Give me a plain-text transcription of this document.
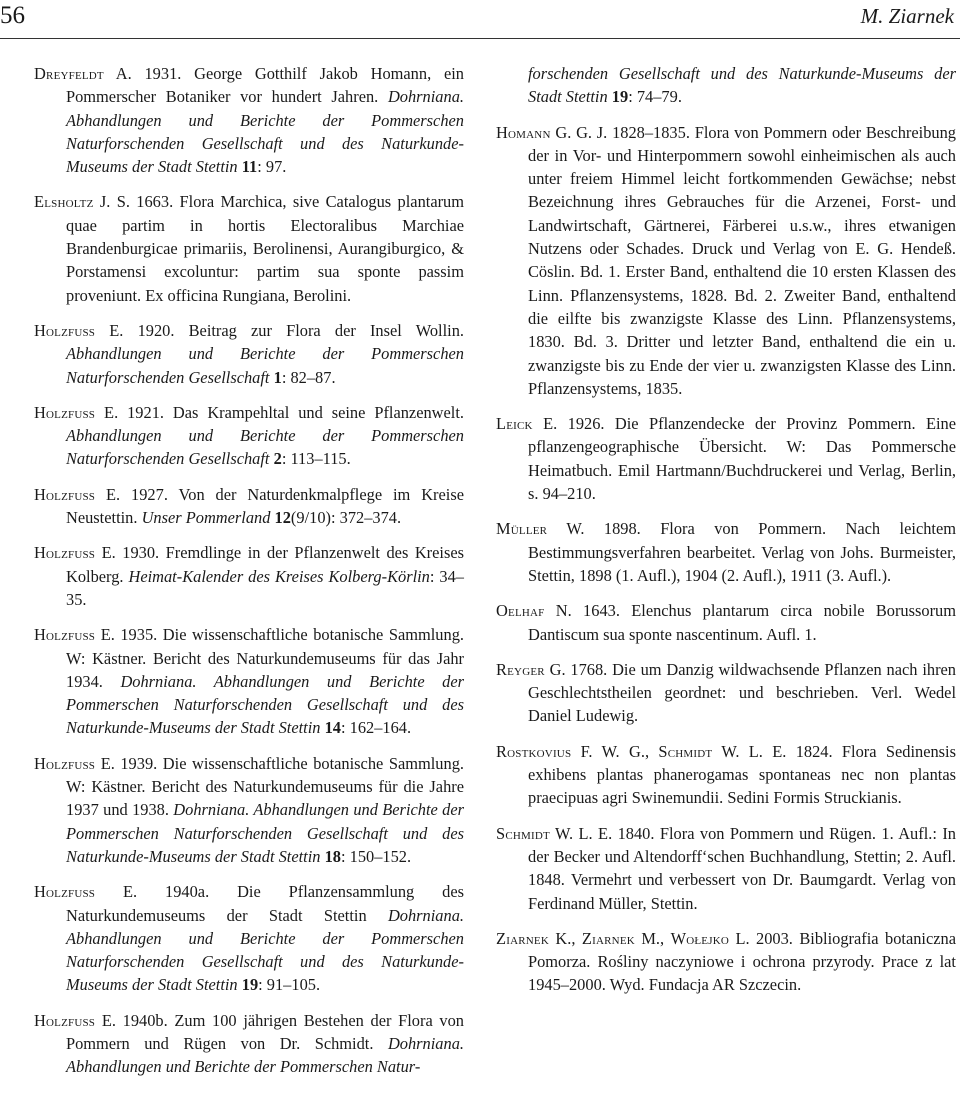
56	M. Ziarnek

Dreyfeldt A. 1931. George Gotthilf Jakob Homann, ein Pommerscher Botaniker vor hundert Jahren. Dohrniana. Abhandlungen und Berichte der Pommerschen Naturforschenden Gesellschaft und des Naturkunde-Museums der Stadt Stettin 11: 97.

Elsholtz J. S. 1663. Flora Marchica, sive Catalogus plantarum quae partim in hortis Electoralibus Marchiae Brandenburgicae primariis, Berolinensi, Aurangiburgico, & Porstamensi excoluntur: partim sua sponte passim proveniunt. Ex officina Rungiana, Berolini.

Holzfuss E. 1920. Beitrag zur Flora der Insel Wollin. Abhandlungen und Berichte der Pommerschen Naturforschenden Gesellschaft 1: 82–87.

Holzfuss E. 1921. Das Krampehltal und seine Pflanzenwelt. Abhandlungen und Berichte der Pommerschen Naturforschenden Gesellschaft 2: 113–115.

Holzfuss E. 1927. Von der Naturdenkmalpflege im Kreise Neustettin. Unser Pommerland 12(9/10): 372–374.

Holzfuss E. 1930. Fremdlinge in der Pflanzenwelt des Kreises Kolberg. Heimat-Kalender des Kreises Kolberg-Körlin: 34–35.

Holzfuss E. 1935. Die wissenschaftliche botanische Sammlung. W: Kästner. Bericht des Naturkundemuseums für das Jahr 1934. Dohrniana. Abhandlungen und Berichte der Pommerschen Naturforschenden Gesellschaft und des Naturkunde-Museums der Stadt Stettin 14: 162–164.

Holzfuss E. 1939. Die wissenschaftliche botanische Sammlung. W: Kästner. Bericht des Naturkundemuseums für die Jahre 1937 und 1938. Dohrniana. Abhandlungen und Berichte der Pommerschen Naturforschenden Gesellschaft und des Naturkunde-Museums der Stadt Stettin 18: 150–152.

Holzfuss E. 1940a. Die Pflanzensammlung des Naturkundemuseums der Stadt Stettin Dohrniana. Abhandlungen und Berichte der Pommerschen Naturforschenden Gesellschaft und des Naturkunde-Museums der Stadt Stettin 19: 91–105.

Holzfuss E. 1940b. Zum 100 jährigen Bestehen der Flora von Pommern und Rügen von Dr. Schmidt. Dohrniana. Abhandlungen und Berichte der Pommerschen Natur-

forschenden Gesellschaft und des Naturkunde-Museums der Stadt Stettin 19: 74–79.

Homann G. G. J. 1828–1835. Flora von Pommern oder Beschreibung der in Vor- und Hinterpommern sowohl einheimischen als auch unter freiem Himmel leicht fortkommenden Gewächse; nebst Bezeichnung ihres Gebrauches für die Arzenei, Forst- und Landwirtschaft, Gärtnerei, Färberei u.s.w., ihres etwanigen Nutzens oder Schades. Druck und Verlag von E. G. Hendeß. Cöslin. Bd. 1. Erster Band, enthaltend die 10 ersten Klassen des Linn. Pflanzensystems, 1828. Bd. 2. Zweiter Band, enthaltend die eilfte bis zwanzigste Klasse des Linn. Pflanzensystems, 1830. Bd. 3. Dritter und letzter Band, enthaltend die ein u. zwanzigste bis zu Ende der vier u. zwanzigsten Klasse des Linn. Pflanzensystems, 1835.

Leick E. 1926. Die Pflanzendecke der Provinz Pommern. Eine pflanzengeographische Übersicht. W: Das Pommersche Heimatbuch. Emil Hartmann/Buchdruckerei und Verlag, Berlin, s. 94–210.

Müller W. 1898. Flora von Pommern. Nach leichtem Bestimmungsverfahren bearbeitet. Verlag von Johs. Burmeister, Stettin, 1898 (1. Aufl.), 1904 (2. Aufl.), 1911 (3. Aufl.).

Oelhaf N. 1643. Elenchus plantarum circa nobile Borussorum Dantiscum sua sponte nascentinum. Aufl. 1.

Reyger G. 1768. Die um Danzig wildwachsende Pflanzen nach ihren Geschlechtstheilen geordnet: und beschrieben. Verl. Wedel Daniel Ludewig.

Rostkovius F. W. G., Schmidt W. L. E. 1824. Flora Sedinensis exhibens plantas phanerogamas spontaneas nec non plantas praecipuas agri Swinemundii. Sedini Formis Struckianis.

Schmidt W. L. E. 1840. Flora von Pommern und Rügen. 1. Aufl.: In der Becker und Altendorff‘schen Buchhandlung, Stettin; 2. Aufl. 1848. Vermehrt und verbessert von Dr. Baumgardt. Verlag von Ferdinand Müller, Stettin.

Ziarnek K., Ziarnek M., Wołejko L. 2003. Bibliografia botaniczna Pomorza. Rośliny naczyniowe i ochrona przyrody. Prace z lat 1945–2000. Wyd. Fundacja AR Szczecin.
